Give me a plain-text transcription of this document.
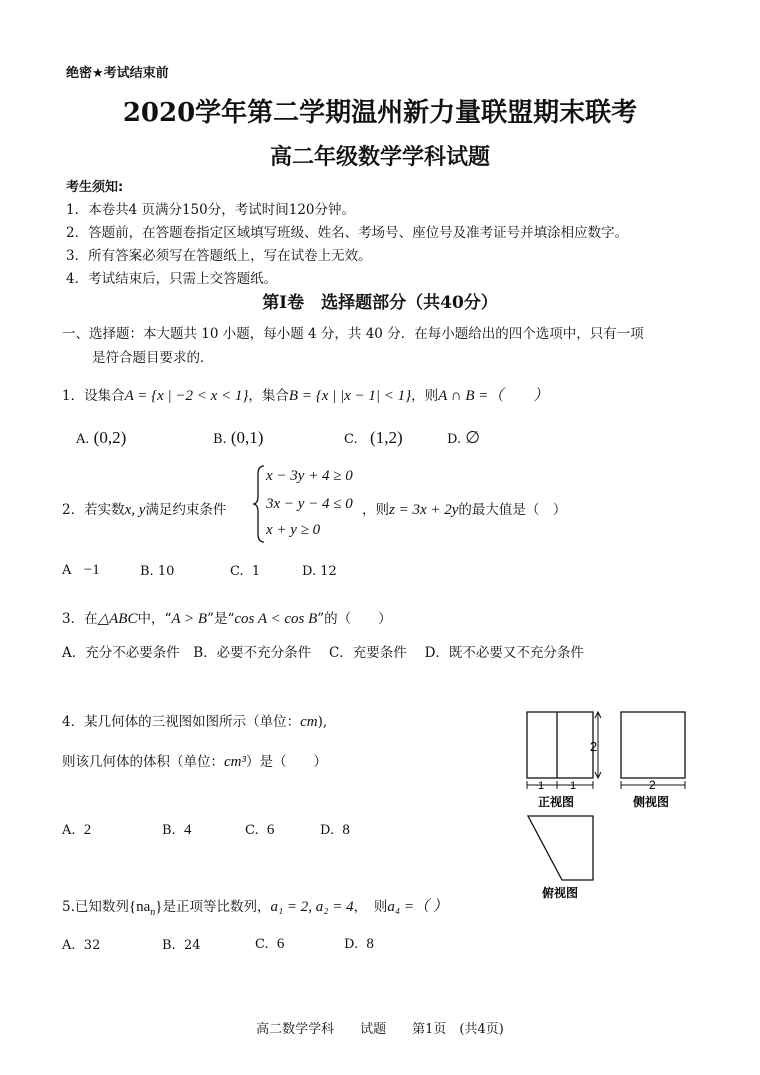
绝密★考试结束前
2020学年第二学期温州新力量联盟期末联考
高二年级数学学科试题
考生须知:
1．本卷共4 页满分150分，考试时间120分钟。
2．答题前，在答题卷指定区域填写班级、姓名、考场号、座位号及准考证号并填涂相应数字。
3．所有答案必须写在答题纸上，写在试卷上无效。
4．考试结束后，只需上交答题纸。
第Ⅰ卷　选择题部分（共40分）
一、选择题：本大题共 10 小题，每小题 4 分，共 40 分．在每小题给出的四个选项中，只有一项
是符合题目要求的．
1．设集合A = {x | −2 < x < 1}，集合B = {x | |x − 1| < 1}，则A ∩ B =（　　）
A. (0,2)	B. (0,1)	C. (1,2)	D. ∅
2．若实数x, y满足约束条件
x − 3y + 4 ≥ 0
3x − y − 4 ≤ 0
x + y ≥ 0
，则z = 3x + 2y的最大值是（　）
A −1	B. 10	C. 1	D. 12
3．在△ABC中，“A > B”是“cos A < cos B”的（　　）
A．充分不必要条件　B．必要不充分条件　 C．充要条件　 D．既不必要又不充分条件
4．某几何体的三视图如图所示（单位：cm),
则该几何体的体积（单位：cm³）是（　　）
A. 2	B. 4	C. 6	D. 8
2
1 1
正视图
2
侧视图
俯视图
5.已知数列$\{na_n\}$是正项等比数列，a₁ = 2, a₂ = 4，　则a₄ =（ ）
A. 32	B. 24	C. 6	D. 8
高二数学学科　　试题　　第1页　(共4页)
